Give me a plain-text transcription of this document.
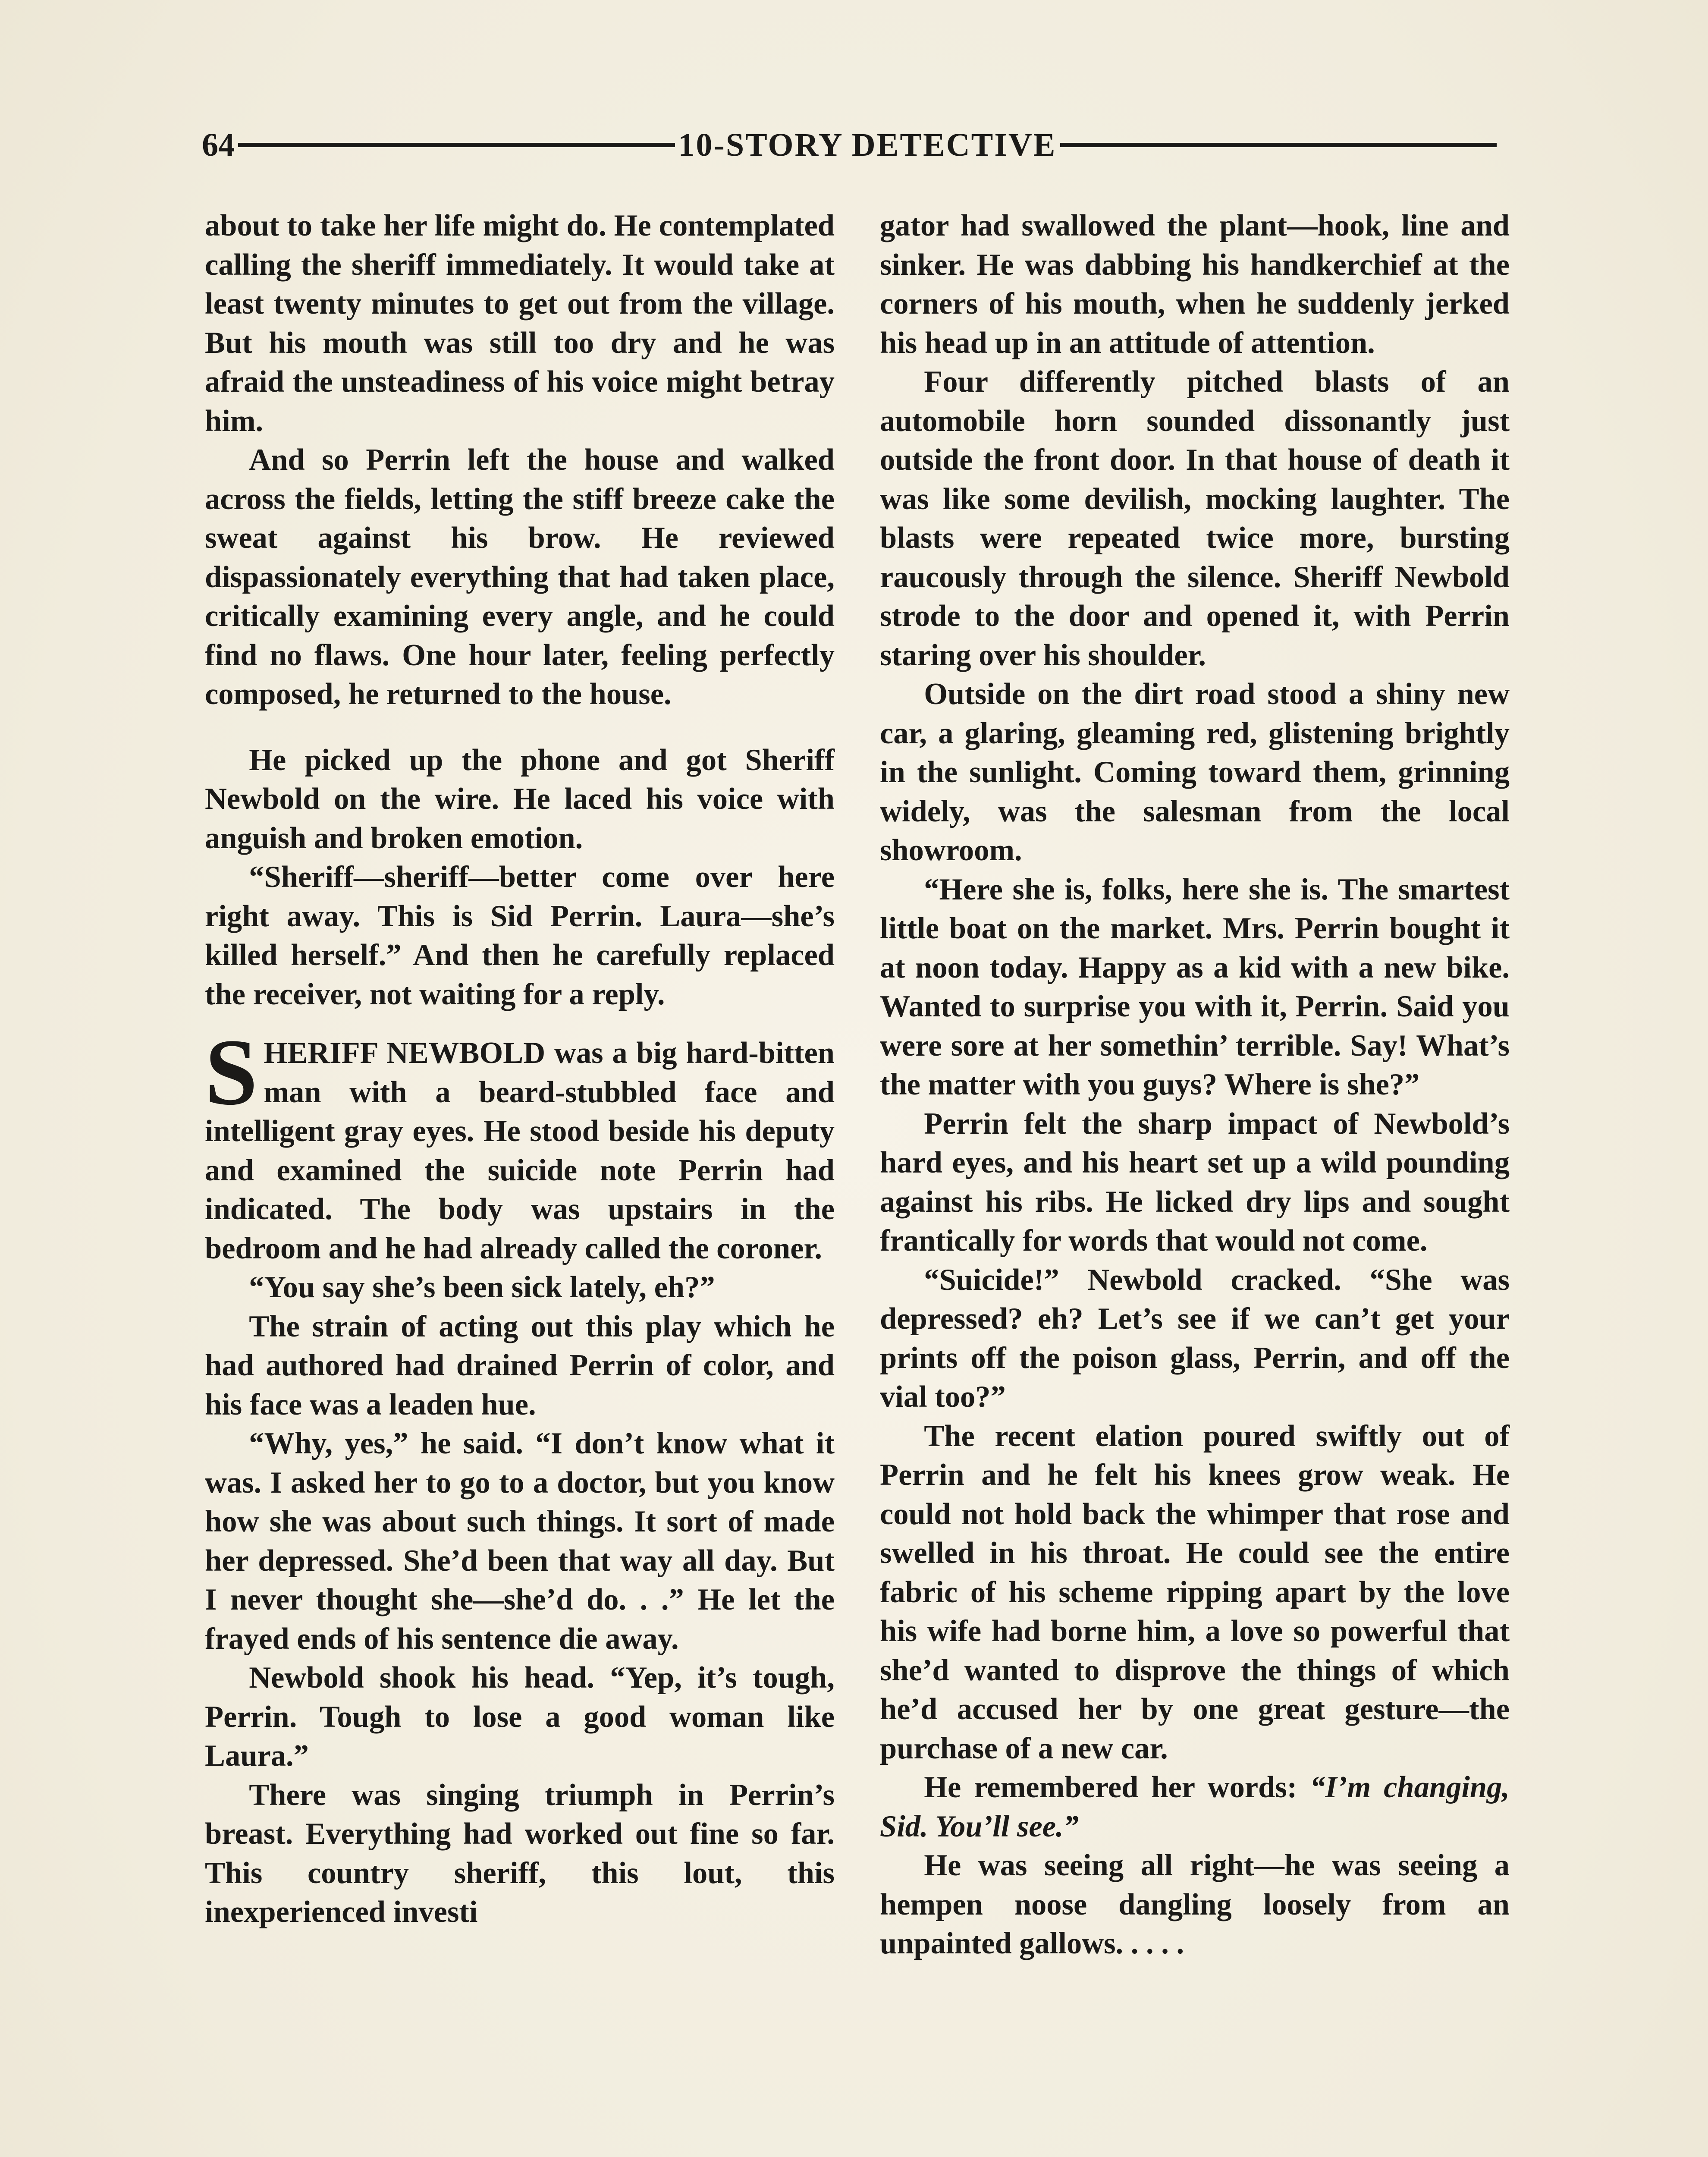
64	10-STORY DETECTIVE

about to take her life might do. He contemplated calling the sheriff immediately. It would take at least twenty minutes to get out from the village. But his mouth was still too dry and he was afraid the unsteadiness of his voice might betray him.

And so Perrin left the house and walked across the fields, letting the stiff breeze cake the sweat against his brow. He reviewed dispassionately everything that had taken place, critically examining every angle, and he could find no flaws. One hour later, feeling perfectly composed, he returned to the house.

He picked up the phone and got Sheriff Newbold on the wire. He laced his voice with anguish and broken emotion.

“Sheriff—sheriff—better come over here right away. This is Sid Perrin. Laura—she’s killed herself.” And then he carefully replaced the receiver, not waiting for a reply.

SHERIFF NEWBOLD was a big hard-bitten man with a beard-stubbled face and intelligent gray eyes. He stood beside his deputy and examined the suicide note Perrin had indicated. The body was upstairs in the bedroom and he had already called the coroner.

“You say she’s been sick lately, eh?”

The strain of acting out this play which he had authored had drained Perrin of color, and his face was a leaden hue.

“Why, yes,” he said. “I don’t know what it was. I asked her to go to a doctor, but you know how she was about such things. It sort of made her depressed. She’d been that way all day. But I never thought she—she’d do. . .” He let the frayed ends of his sentence die away.

Newbold shook his head. “Yep, it’s tough, Perrin. Tough to lose a good woman like Laura.”

There was singing triumph in Perrin’s breast. Everything had worked out fine so far. This country sheriff, this lout, this inexperienced investi

gator had swallowed the plant—hook, line and sinker. He was dabbing his handkerchief at the corners of his mouth, when he suddenly jerked his head up in an attitude of attention.

Four differently pitched blasts of an automobile horn sounded dissonantly just outside the front door. In that house of death it was like some devilish, mocking laughter. The blasts were repeated twice more, bursting raucously through the silence. Sheriff Newbold strode to the door and opened it, with Perrin staring over his shoulder.

Outside on the dirt road stood a shiny new car, a glaring, gleaming red, glistening brightly in the sunlight. Coming toward them, grinning widely, was the salesman from the local showroom.

“Here she is, folks, here she is. The smartest little boat on the market. Mrs. Perrin bought it at noon today. Happy as a kid with a new bike. Wanted to surprise you with it, Perrin. Said you were sore at her somethin’ terrible. Say! What’s the matter with you guys? Where is she?”

Perrin felt the sharp impact of Newbold’s hard eyes, and his heart set up a wild pounding against his ribs. He licked dry lips and sought frantically for words that would not come.

“Suicide!” Newbold cracked. “She was depressed? eh? Let’s see if we can’t get your prints off the poison glass, Perrin, and off the vial too?”

The recent elation poured swiftly out of Perrin and he felt his knees grow weak. He could not hold back the whimper that rose and swelled in his throat. He could see the entire fabric of his scheme ripping apart by the love his wife had borne him, a love so powerful that she’d wanted to disprove the things of which he’d accused her by one great gesture—the purchase of a new car.

He remembered her words: “I’m changing, Sid. You’ll see.”

He was seeing all right—he was seeing a hempen noose dangling loosely from an unpainted gallows. . . . .
